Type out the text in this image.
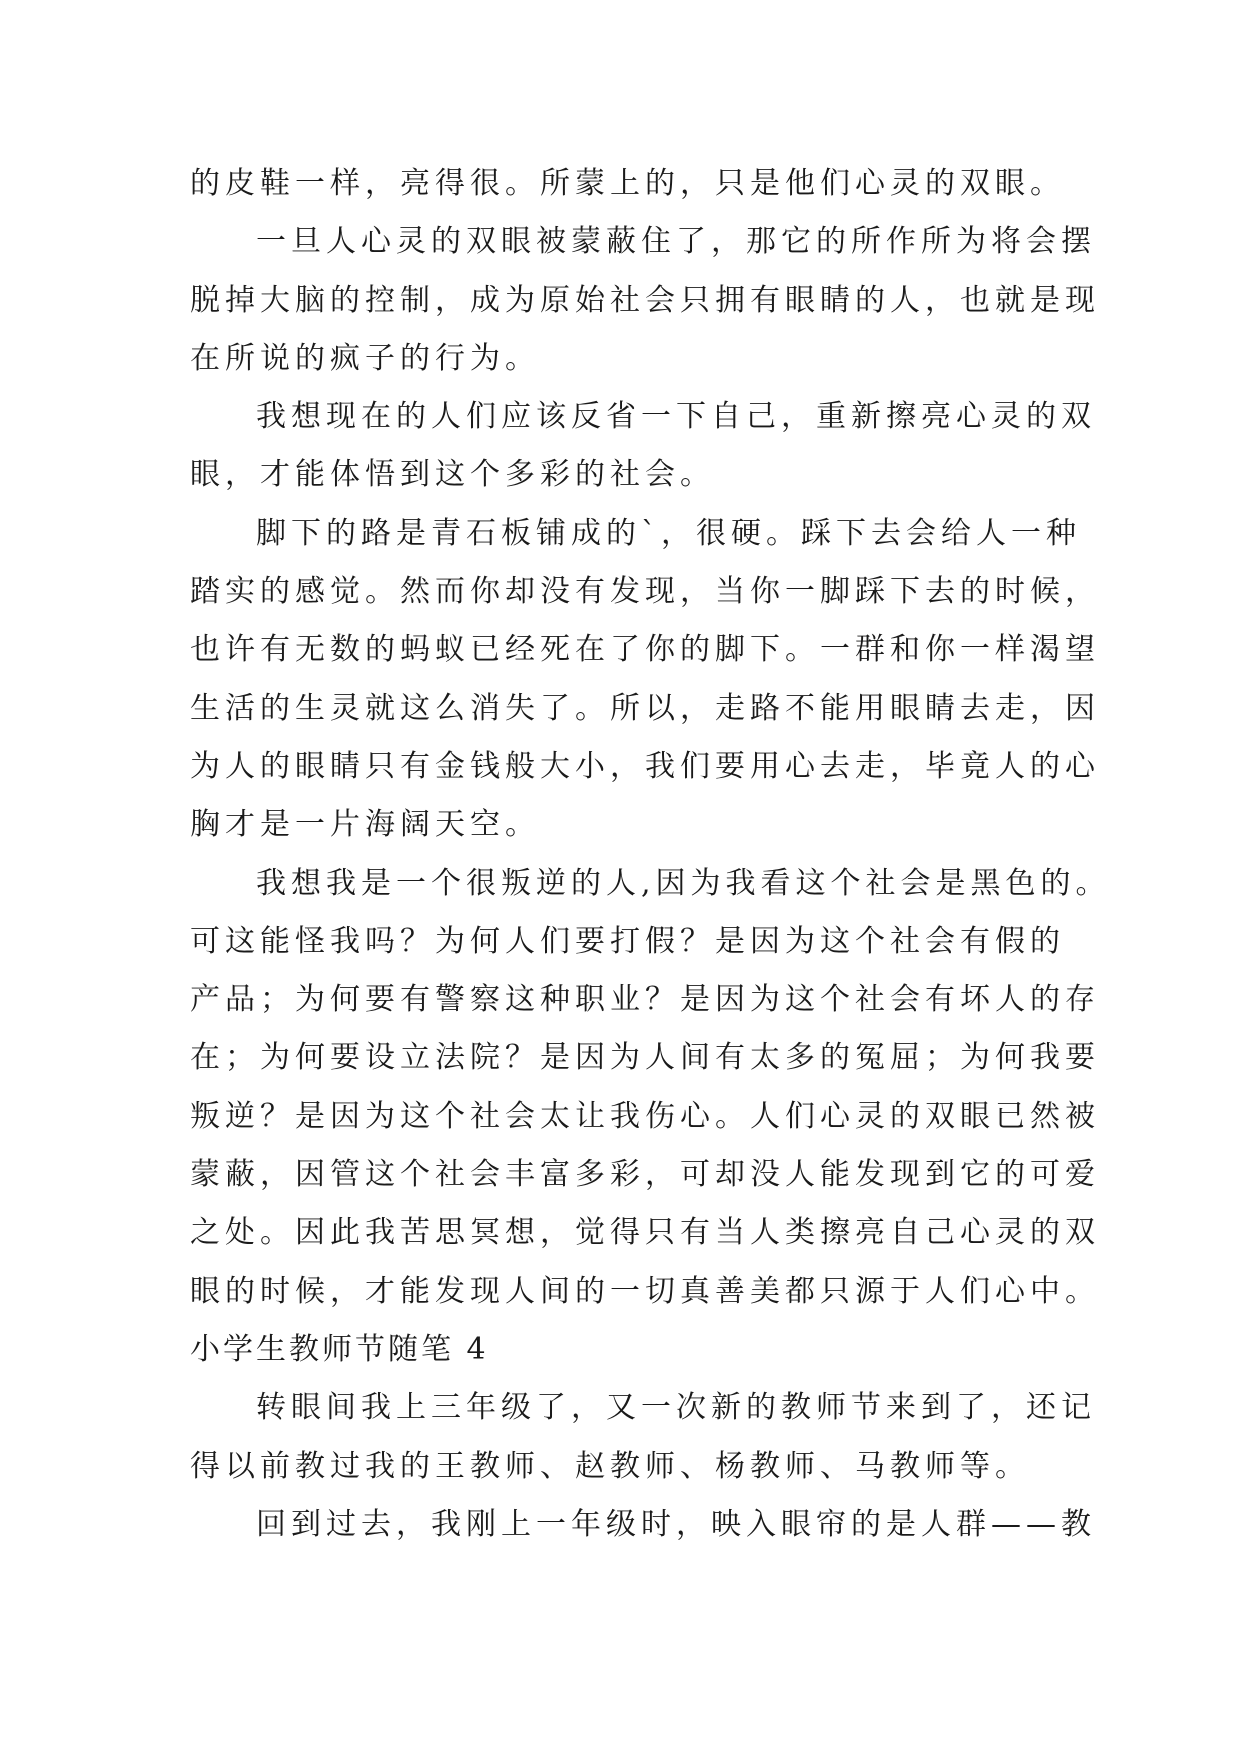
的皮鞋一样，亮得很。所蒙上的，只是他们心灵的双眼。
一旦人心灵的双眼被蒙蔽住了，那它的所作所为将会摆
脱掉大脑的控制，成为原始社会只拥有眼睛的人，也就是现
在所说的疯子的行为。
我想现在的人们应该反省一下自己，重新擦亮心灵的双
眼，才能体悟到这个多彩的社会。
脚下的路是青石板铺成的`，很硬。踩下去会给人一种
踏实的感觉。然而你却没有发现，当你一脚踩下去的时候，
也许有无数的蚂蚁已经死在了你的脚下。一群和你一样渴望
生活的生灵就这么消失了。所以，走路不能用眼睛去走，因
为人的眼睛只有金钱般大小，我们要用心去走，毕竟人的心
胸才是一片海阔天空。
我想我是一个很叛逆的人,因为我看这个社会是黑色的。
可这能怪我吗？为何人们要打假？是因为这个社会有假的
产品；为何要有警察这种职业？是因为这个社会有坏人的存
在；为何要设立法院？是因为人间有太多的冤屈；为何我要
叛逆？是因为这个社会太让我伤心。人们心灵的双眼已然被
蒙蔽，因管这个社会丰富多彩，可却没人能发现到它的可爱
之处。因此我苦思冥想，觉得只有当人类擦亮自己心灵的双
眼的时候，才能发现人间的一切真善美都只源于人们心中。
小学生教师节随笔 4
转眼间我上三年级了，又一次新的教师节来到了，还记
得以前教过我的王教师、赵教师、杨教师、马教师等。
回到过去，我刚上一年级时，映入眼帘的是人群——教
